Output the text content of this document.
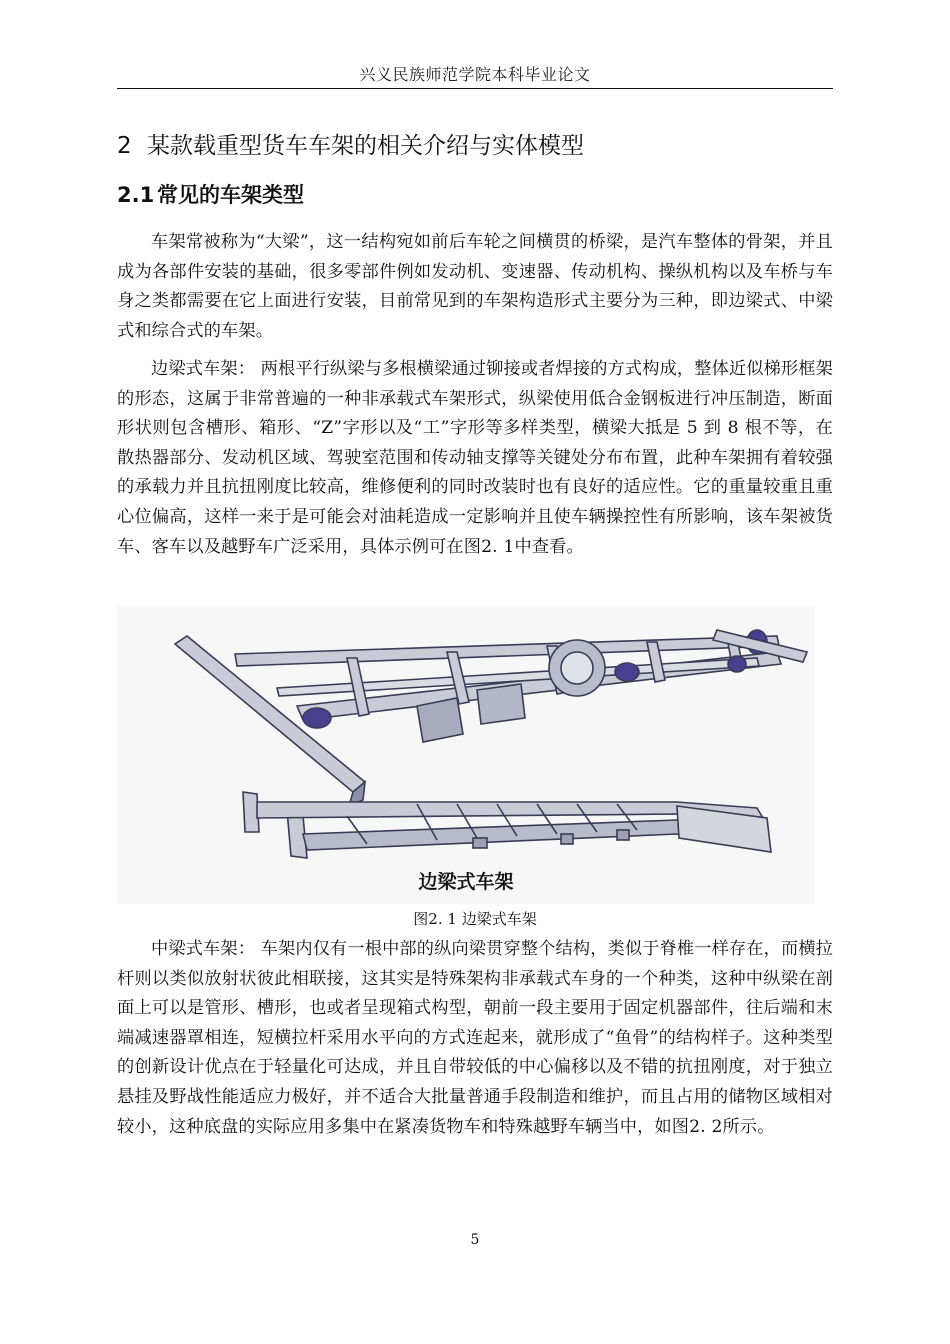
兴义民族师范学院本科毕业论文
2 某款载重型货车车架的相关介绍与实体模型
2.1 常见的车架类型

车架常被称为“大梁”，这一结构宛如前后车轮之间横贯的桥梁，是汽车整体的骨架，并且成为各部件安装的基础，很多零部件例如发动机、变速器、传动机构、操纵机构以及车桥与车身之类都需要在它上面进行安装，目前常见到的车架构造形式主要分为三种，即边梁式、中梁式和综合式的车架。

边梁式车架： 两根平行纵梁与多根横梁通过铆接或者焊接的方式构成，整体近似梯形框架的形态，这属于非常普遍的一种非承载式车架形式，纵梁使用低合金钢板进行冲压制造，断面形状则包含槽形、箱形、“Z”字形以及“工”字形等多样类型，横梁大抵是 5 到 8 根不等，在散热器部分、发动机区域、驾驶室范围和传动轴支撑等关键处分布布置，此种车架拥有着较强的承载力并且抗扭刚度比较高，维修便利的同时改装时也有良好的适应性。它的重量较重且重心位偏高，这样一来于是可能会对油耗造成一定影响并且使车辆操控性有所影响，该车架被货车、客车以及越野车广泛采用，具体示例可在图2. 1中查看。

边梁式车架
图2. 1 边梁式车架

中梁式车架： 车架内仅有一根中部的纵向梁贯穿整个结构，类似于脊椎一样存在，而横拉杆则以类似放射状彼此相联接，这其实是特殊架构非承载式车身的一个种类，这种中纵梁在剖面上可以是管形、槽形，也或者呈现箱式构型，朝前一段主要用于固定机器部件，往后端和末端减速器罩相连，短横拉杆采用水平向的方式连起来，就形成了“鱼骨”的结构样子。这种类型的创新设计优点在于轻量化可达成，并且自带较低的中心偏移以及不错的抗扭刚度，对于独立悬挂及野战性能适应力极好，并不适合大批量普通手段制造和维护，而且占用的储物区域相对较小，这种底盘的实际应用多集中在紧凑货物车和特殊越野车辆当中，如图2. 2所示。

5
